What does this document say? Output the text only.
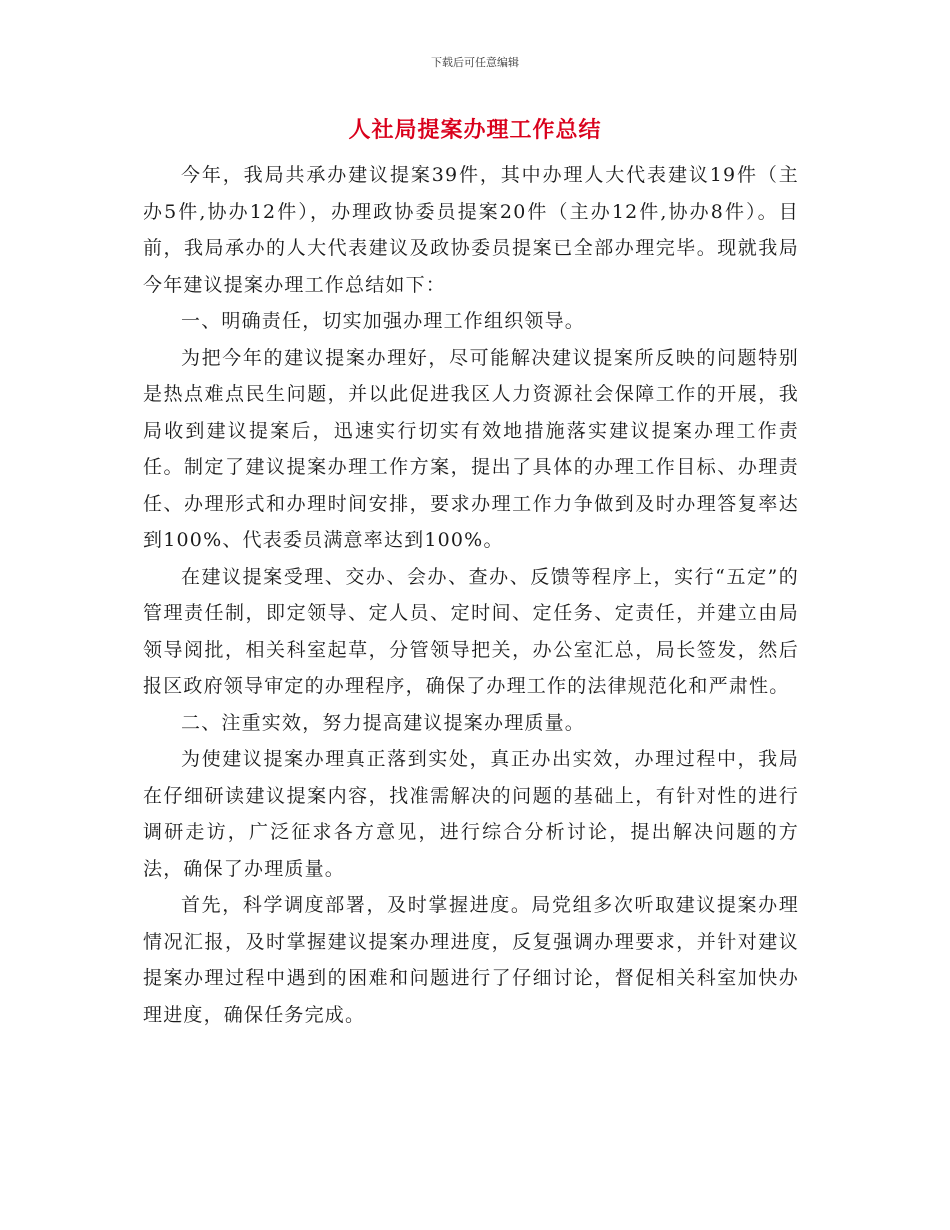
下载后可任意编辑
人社局提案办理工作总结

今年，我局共承办建议提案39件，其中办理人大代表建议19件（主办5件,协办12件），办理政协委员提案20件（主办12件,协办8件）。目前，我局承办的人大代表建议及政协委员提案已全部办理完毕。现就我局今年建议提案办理工作总结如下：

一、明确责任，切实加强办理工作组织领导。

为把今年的建议提案办理好，尽可能解决建议提案所反映的问题特别是热点难点民生问题，并以此促进我区人力资源社会保障工作的开展，我局收到建议提案后，迅速实行切实有效地措施落实建议提案办理工作责任。制定了建议提案办理工作方案，提出了具体的办理工作目标、办理责任、办理形式和办理时间安排，要求办理工作力争做到及时办理答复率达到100%、代表委员满意率达到100%。

在建议提案受理、交办、会办、查办、反馈等程序上，实行“五定”的管理责任制，即定领导、定人员、定时间、定任务、定责任，并建立由局领导阅批，相关科室起草，分管领导把关，办公室汇总，局长签发，然后报区政府领导审定的办理程序，确保了办理工作的法律规范化和严肃性。

二、注重实效，努力提高建议提案办理质量。

为使建议提案办理真正落到实处，真正办出实效，办理过程中，我局在仔细研读建议提案内容，找准需解决的问题的基础上，有针对性的进行调研走访，广泛征求各方意见，进行综合分析讨论，提出解决问题的方法，确保了办理质量。

首先，科学调度部署，及时掌握进度。局党组多次听取建议提案办理情况汇报，及时掌握建议提案办理进度，反复强调办理要求，并针对建议提案办理过程中遇到的困难和问题进行了仔细讨论，督促相关科室加快办理进度，确保任务完成。
